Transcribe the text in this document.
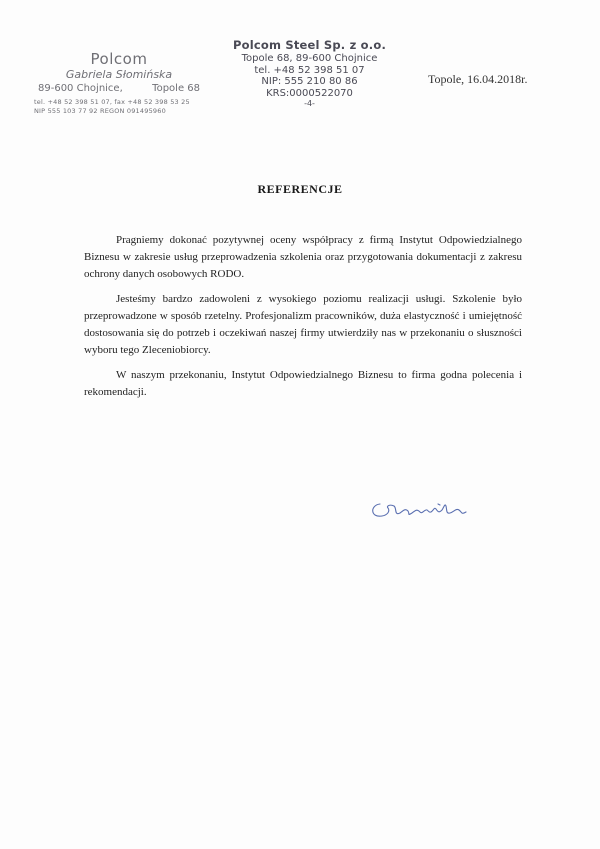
Polcom
Gabriela Słomińska
89-600 Chojnice,	Topole 68
tel. +48 52 398 51 07, fax +48 52 398 53 25
NIP 555 103 77 92 REGON 091495960
Polcom Steel Sp. z o.o.
Topole 68, 89-600 Chojnice
tel. +48 52 398 51 07
NIP: 555 210 80 86
KRS:0000522070
-4-
Topole, 16.04.2018r.
REFERENCJE

Pragniemy dokonać pozytywnej oceny współpracy z firmą Instytut Odpowiedzialnego Biznesu w zakresie usług przeprowadzenia szkolenia oraz przygotowania dokumentacji z zakresu ochrony danych osobowych RODO.

Jesteśmy bardzo zadowoleni z wysokiego poziomu realizacji usługi. Szkolenie było przeprowadzone w sposób rzetelny. Profesjonalizm pracowników, duża elastyczność i umiejętność dostosowania się do potrzeb i oczekiwań naszej firmy utwierdziły nas w przekonaniu o słuszności wyboru tego Zleceniobiorcy.

W naszym przekonaniu, Instytut Odpowiedzialnego Biznesu to firma godna polecenia i rekomendacji.
